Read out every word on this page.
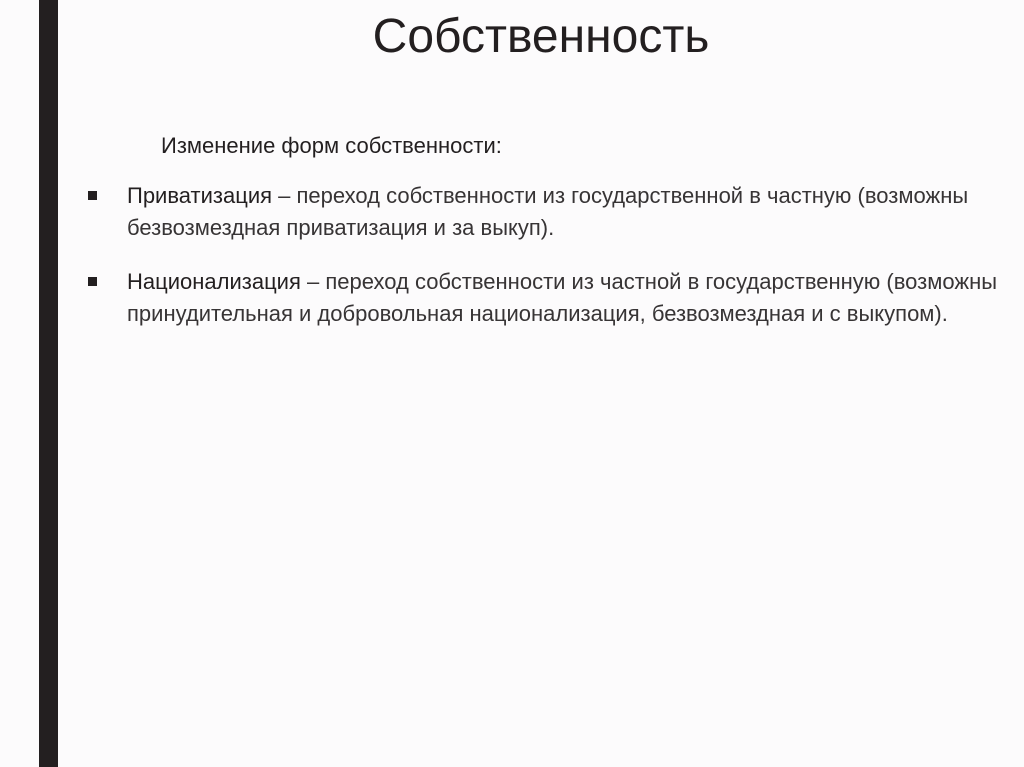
Собственность
Изменение форм собственности:
Приватизация – переход собственности из государственной в частную (возможны безвозмездная приватизация и за выкуп).
Национализация – переход собственности из частной в государственную (возможны принудительная и добровольная национализация, безвозмездная и с выкупом).
